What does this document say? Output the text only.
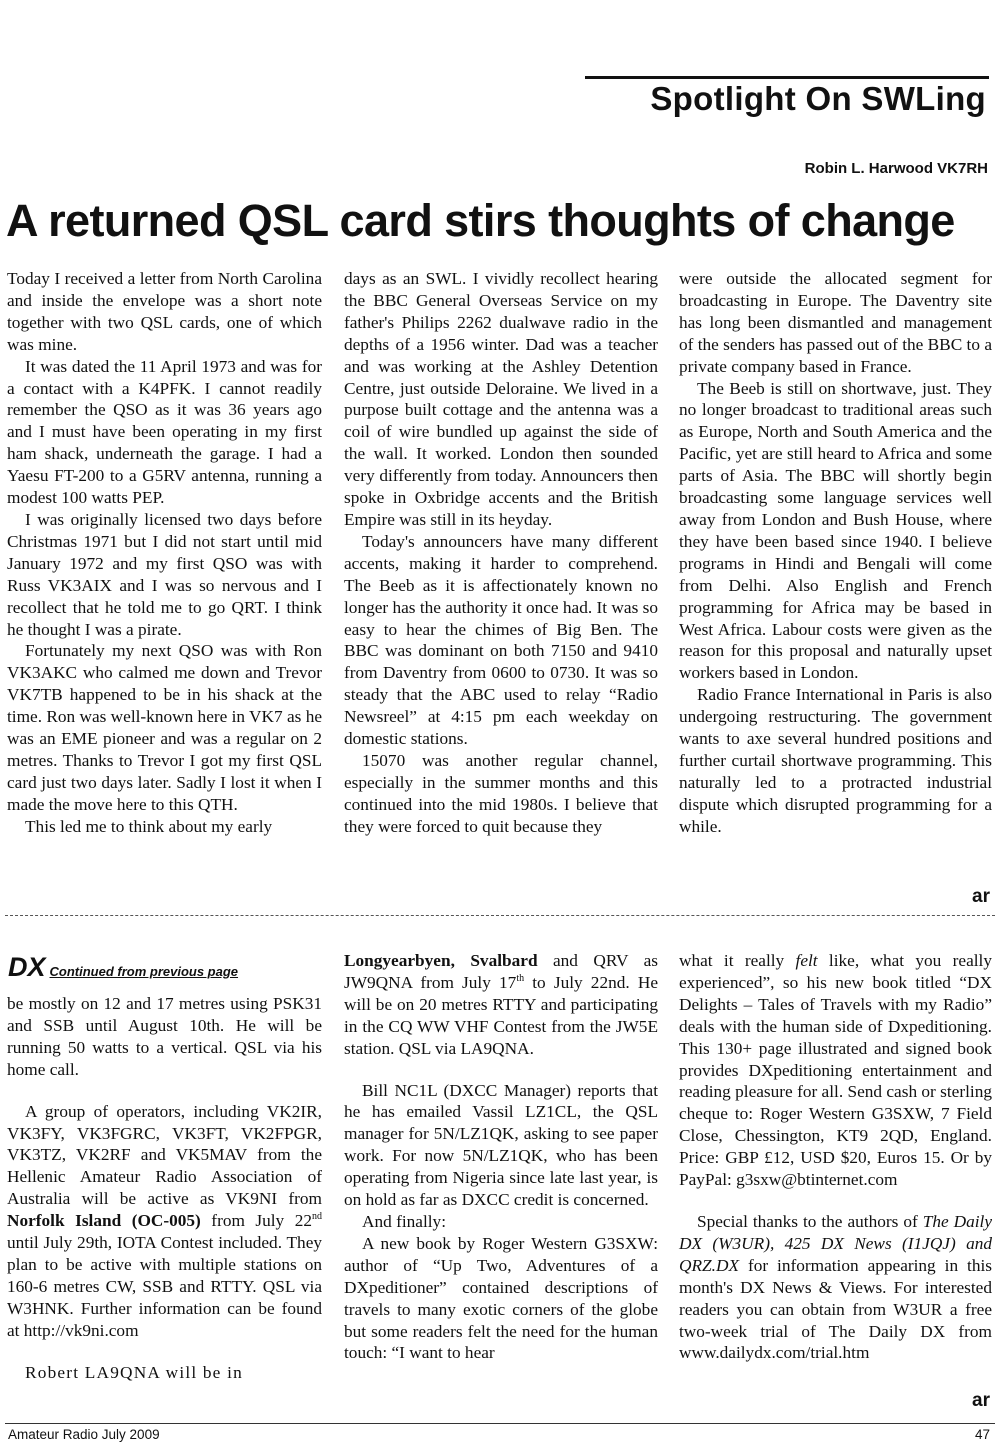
Spotlight On SWLing
Robin L. Harwood VK7RH
A returned QSL card stirs thoughts of change

Today I received a letter from North Carolina and inside the envelope was a short note together with two QSL cards, one of which was mine.

It was dated the 11 April 1973 and was for a contact with a K4PFK. I cannot readily remember the QSO as it was 36 years ago and I must have been operating in my first ham shack, underneath the garage. I had a Yaesu FT-200 to a G5RV antenna, running a modest 100 watts PEP.

I was originally licensed two days before Christmas 1971 but I did not start until mid January 1972 and my first QSO was with Russ VK3AIX and I was so nervous and I recollect that he told me to go QRT. I think he thought I was a pirate.

Fortunately my next QSO was with Ron VK3AKC who calmed me down and Trevor VK7TB happened to be in his shack at the time. Ron was well-known here in VK7 as he was an EME pioneer and was a regular on 2 metres. Thanks to Trevor I got my first QSL card just two days later. Sadly I lost it when I made the move here to this QTH.

This led me to think about my early

days as an SWL. I vividly recollect hearing the BBC General Overseas Service on my father's Philips 2262 dualwave radio in the depths of a 1956 winter. Dad was a teacher and was working at the Ashley Detention Centre, just outside Deloraine. We lived in a purpose built cottage and the antenna was a coil of wire bundled up against the side of the wall. It worked. London then sounded very differently from today. Announcers then spoke in Oxbridge accents and the British Empire was still in its heyday.

Today's announcers have many different accents, making it harder to comprehend. The Beeb as it is affectionately known no longer has the authority it once had. It was so easy to hear the chimes of Big Ben. The BBC was dominant on both 7150 and 9410 from Daventry from 0600 to 0730. It was so steady that the ABC used to relay “Radio Newsreel” at 4:15 pm each weekday on domestic stations.

15070 was another regular channel, especially in the summer months and this continued into the mid 1980s. I believe that they were forced to quit because they

were outside the allocated segment for broadcasting in Europe. The Daventry site has long been dismantled and management of the senders has passed out of the BBC to a private company based in France.

The Beeb is still on shortwave, just. They no longer broadcast to traditional areas such as Europe, North and South America and the Pacific, yet are still heard to Africa and some parts of Asia. The BBC will shortly begin broadcasting some language services well away from London and Bush House, where they have been based since 1940. I believe programs in Hindi and Bengali will come from Delhi. Also English and French programming for Africa may be based in West Africa. Labour costs were given as the reason for this proposal and naturally upset workers based in London.

Radio France International in Paris is also undergoing restructuring. The government wants to axe several hundred positions and further curtail shortwave programming. This naturally led to a protracted industrial dispute which disrupted programming for a while.

ar
DX Continued from previous page

be mostly on 12 and 17 metres using PSK31 and SSB until August 10th. He will be running 50 watts to a vertical. QSL via his home call.

A group of operators, including VK2IR, VK3FY, VK3FGRC, VK3FT, VK2FPGR, VK3TZ, VK2RF and VK5MAV from the Hellenic Amateur Radio Association of Australia will be active as VK9NI from Norfolk Island (OC-005) from July 22nd until July 29th, IOTA Contest included. They plan to be active with multiple stations on 160-6 metres CW, SSB and RTTY. QSL via W3HNK. Further information can be found at http://vk9ni.com

Robert LA9QNA will be in

Longyearbyen, Svalbard and QRV as JW9QNA from July 17th to July 22nd. He will be on 20 metres RTTY and participating in the CQ WW VHF Contest from the JW5E station. QSL via LA9QNA.

Bill NC1L (DXCC Manager) reports that he has emailed Vassil LZ1CL, the QSL manager for 5N/LZ1QK, asking to see paper work. For now 5N/LZ1QK, who has been operating from Nigeria since late last year, is on hold as far as DXCC credit is concerned.

And finally:

A new book by Roger Western G3SXW: author of “Up Two, Adventures of a DXpeditioner” contained descriptions of travels to many exotic corners of the globe but some readers felt the need for the human touch: “I want to hear

what it really felt like, what you really experienced”, so his new book titled “DX Delights – Tales of Travels with my Radio” deals with the human side of Dxpeditioning. This 130+ page illustrated and signed book provides DXpeditioning entertainment and reading pleasure for all. Send cash or sterling cheque to: Roger Western G3SXW, 7 Field Close, Chessington, KT9 2QD, England. Price: GBP £12, USD $20, Euros 15. Or by PayPal: g3sxw@btinternet.com

Special thanks to the authors of The Daily DX (W3UR), 425 DX News (I1JQJ) and QRZ.DX for information appearing in this month's DX News & Views. For interested readers you can obtain from W3UR a free two-week trial of The Daily DX from www.dailydx.com/trial.htm

ar
Amateur Radio July 2009	47
